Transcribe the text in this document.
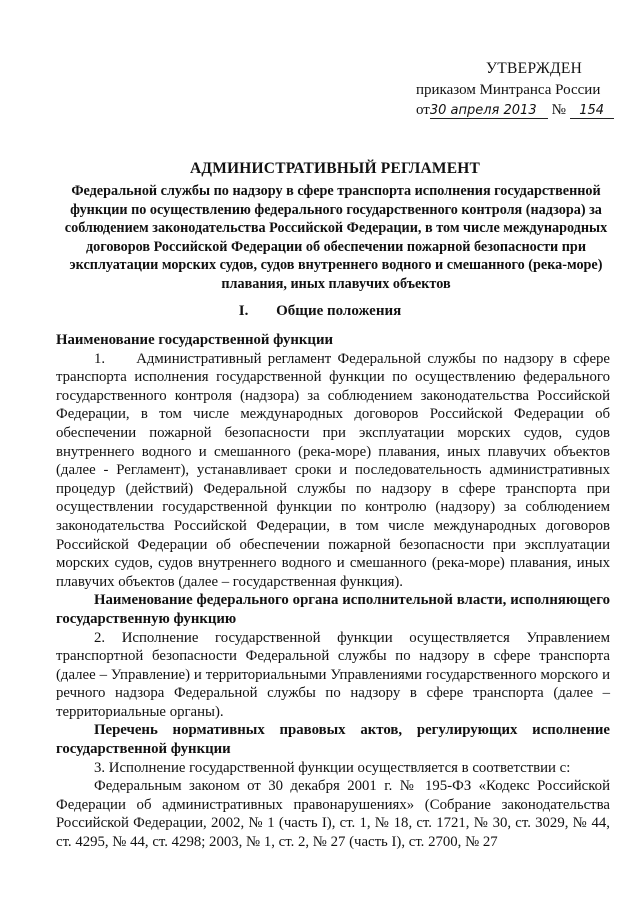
УТВЕРЖДЕН
приказом Минтранса России
от30 апреля 2013 № 154
АДМИНИСТРАТИВНЫЙ РЕГЛАМЕНТ
Федеральной службы по надзору в сфере транспорта исполнения государственной функции по осуществлению федерального государственного контроля (надзора) за соблюдением законодательства Российской Федерации, в том числе международных договоров Российской Федерации об обеспечении пожарной безопасности при эксплуатации морских судов, судов внутреннего водного и смешанного (река-море) плавания, иных плавучих объектов
I. Общие положения

Наименование государственной функции

1.     Административный регламент Федеральной службы по надзору в сфере транспорта исполнения государственной функции по осуществлению федерального государственного контроля (надзора) за соблюдением законодательства Российской Федерации, в том числе международных договоров Российской Федерации об обеспечении пожарной безопасности при эксплуатации морских судов, судов внутреннего водного и смешанного (река-море) плавания, иных плавучих объектов (далее - Регламент), устанавливает сроки и последовательность административных процедур (действий) Федеральной службы по надзору в сфере транспорта при осуществлении государственной функции по контролю (надзору) за соблюдением законодательства Российской Федерации, в том числе международных договоров Российской Федерации об обеспечении пожарной безопасности при эксплуатации морских судов, судов внутреннего водного и смешанного (река-море) плавания, иных плавучих объектов (далее – государственная функция).

Наименование федерального органа исполнительной власти, исполняющего государственную функцию

2. Исполнение государственной функции осуществляется Управлением транспортной безопасности Федеральной службы по надзору в сфере транспорта (далее – Управление) и территориальными Управлениями государственного морского и речного надзора Федеральной службы по надзору в сфере транспорта (далее – территориальные органы).

Перечень нормативных правовых актов, регулирующих исполнение государственной функции

3. Исполнение государственной функции осуществляется в соответствии с:

Федеральным законом от 30 декабря 2001 г. № 195-ФЗ «Кодекс Российской Федерации об административных правонарушениях» (Собрание законодательства Российской Федерации, 2002, № 1 (часть I), ст. 1, № 18, ст. 1721, № 30, ст. 3029, № 44, ст. 4295, № 44, ст. 4298; 2003, № 1, ст. 2, № 27 (часть I), ст. 2700, № 27
